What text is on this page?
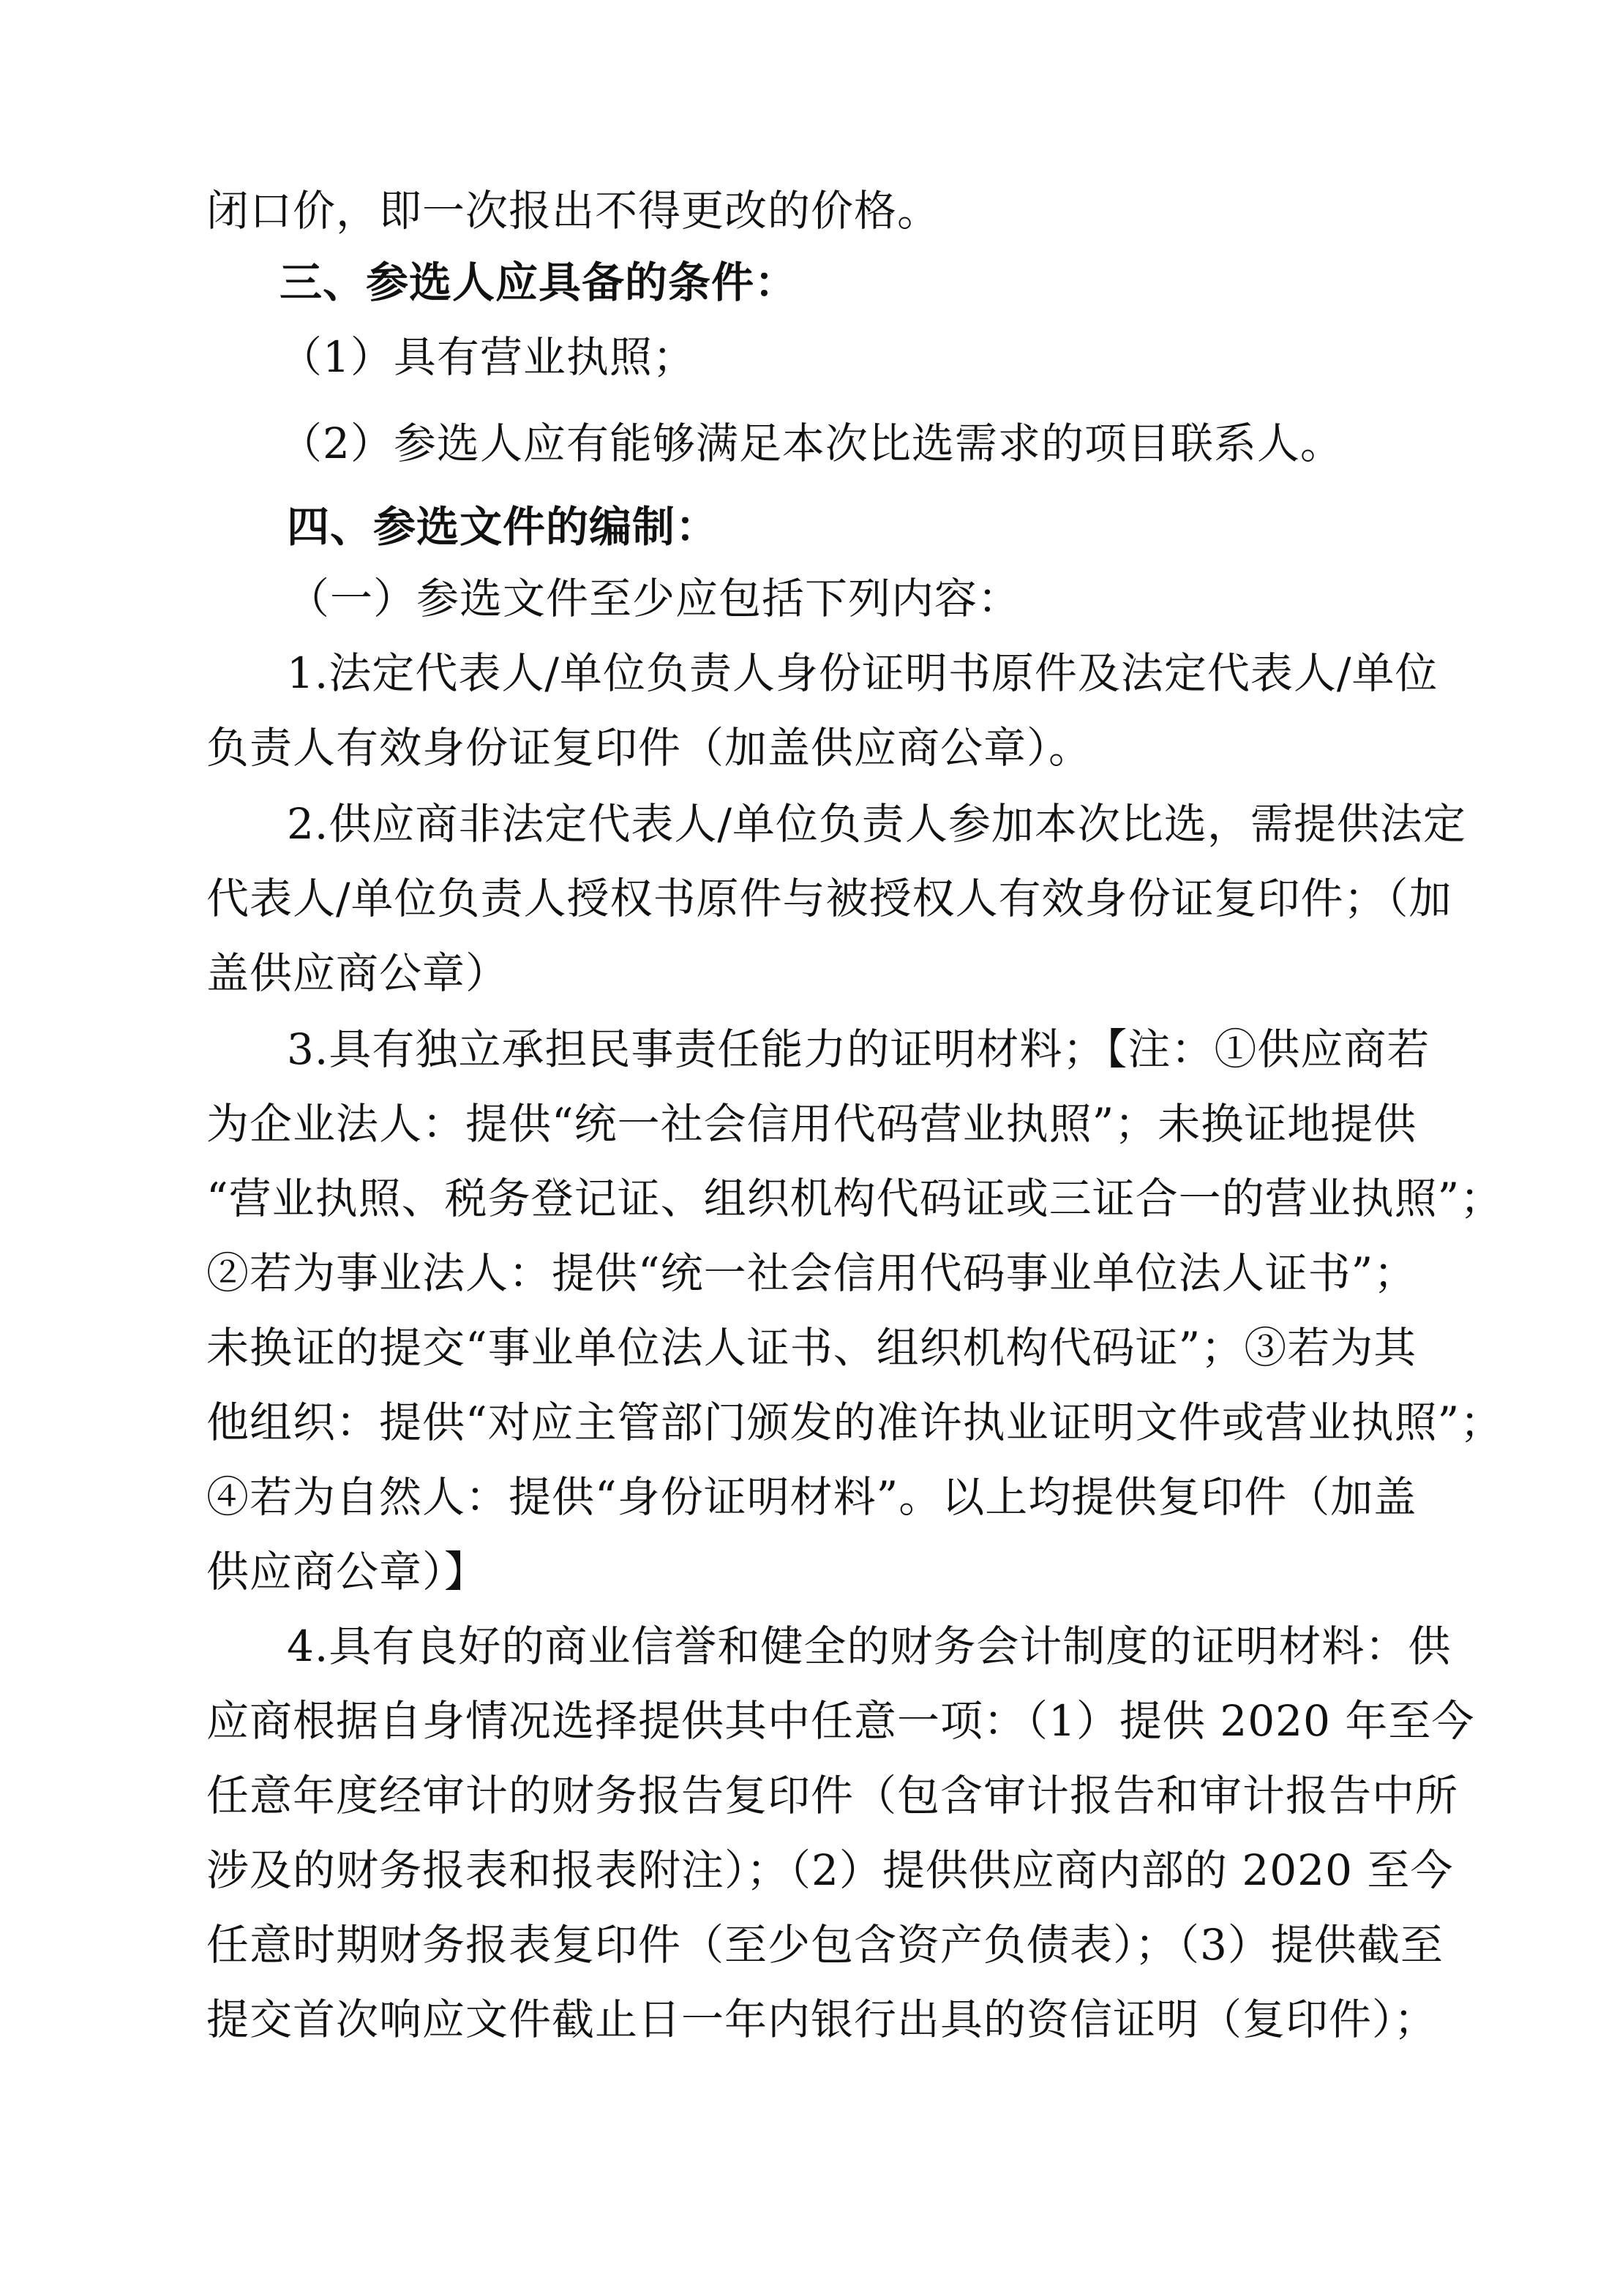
闭口价，即一次报出不得更改的价格。
三、参选人应具备的条件：
（1）具有营业执照；
（2）参选人应有能够满足本次比选需求的项目联系人。
四、参选文件的编制：
（一）参选文件至少应包括下列内容：
1.法定代表人/单位负责人身份证明书原件及法定代表人/单位
负责人有效身份证复印件（加盖供应商公章）。
2.供应商非法定代表人/单位负责人参加本次比选，需提供法定
代表人/单位负责人授权书原件与被授权人有效身份证复印件；（加
盖供应商公章）
3.具有独立承担民事责任能力的证明材料；【注：①供应商若
为企业法人：提供“统一社会信用代码营业执照”；未换证地提供
“营业执照、税务登记证、组织机构代码证或三证合一的营业执照”；
②若为事业法人：提供“统一社会信用代码事业单位法人证书”；
未换证的提交“事业单位法人证书、组织机构代码证”；③若为其
他组织：提供“对应主管部门颁发的准许执业证明文件或营业执照”；
④若为自然人：提供“身份证明材料”。以上均提供复印件（加盖
供应商公章）】
4.具有良好的商业信誉和健全的财务会计制度的证明材料：供
应商根据自身情况选择提供其中任意一项：（1）提供 2020 年至今
任意年度经审计的财务报告复印件（包含审计报告和审计报告中所
涉及的财务报表和报表附注）；（2）提供供应商内部的 2020 至今
任意时期财务报表复印件（至少包含资产负债表）；（3）提供截至
提交首次响应文件截止日一年内银行出具的资信证明（复印件）；
